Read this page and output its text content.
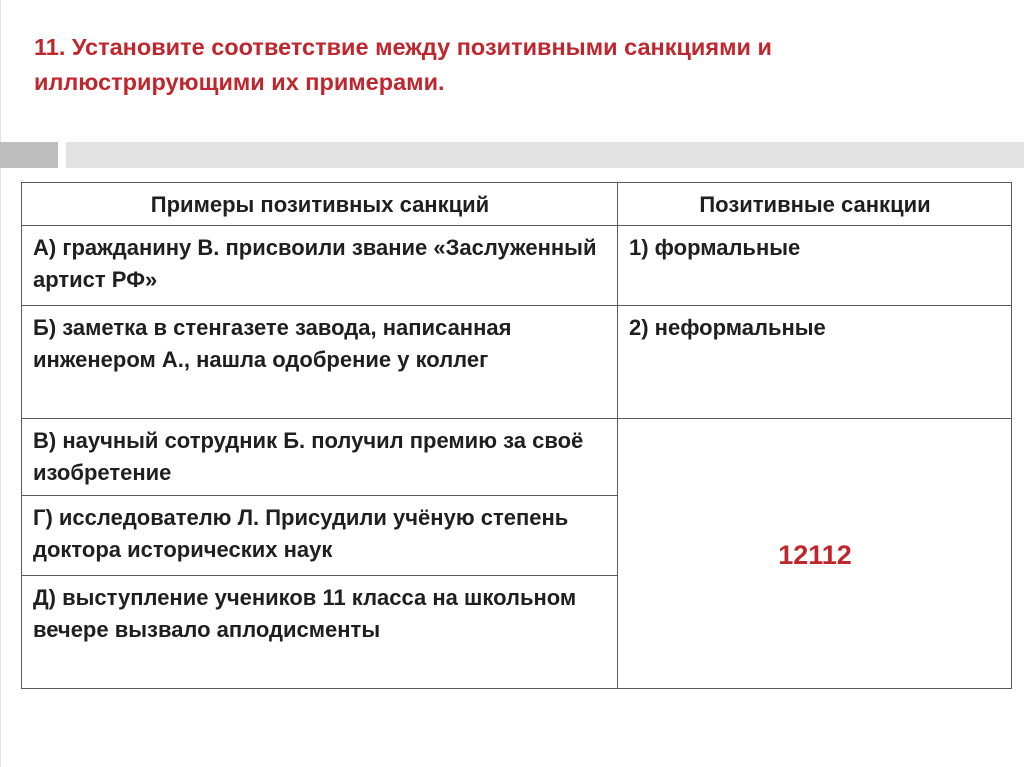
11. Установите соответствие между позитивными санкциями и иллюстрирующими их примерами.
Примеры позитивных санкций	Позитивные санкции
А) гражданину В. присвоили звание «Заслуженный артист РФ»	1) формальные
Б) заметка в стенгазете завода, написанная инженером А., нашла одобрение у коллег	2) неформальные
В) научный сотрудник Б. получил премию за своё изобретение	12112
Г) исследователю Л. Присудили учёную степень доктора исторических наук	
Д) выступление учеников 11 класса на школьном вечере вызвало аплодисменты	
